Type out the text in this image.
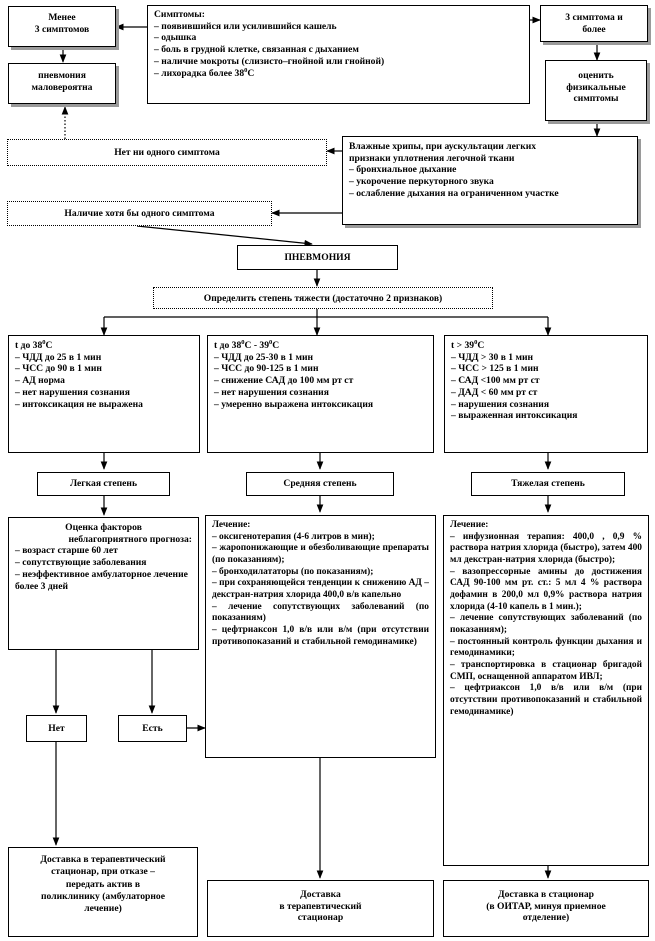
Менее
3 симптомов
Симптомы:
– появившийся или усилившийся кашель
– одышка
– боль в грудной клетке, связанная с дыханием
– наличие мокроты (слизисто–гнойной или гнойной)
– лихорадка более $38^0С$
3 симптома и
более
пневмония
маловероятна
оценить
физикальные
симптомы
Нет ни одного симптома
Влажные хрипы, при аускультации легких
признаки уплотнения легочной ткани
– бронхиальное дыхание
– укорочение перкуторного звука
– ослабление дыхания на ограниченном участке
Наличие хотя бы одного симптома
ПНЕВМОНИЯ
Определить степень тяжести (достаточно 2 признаков)
t до $38^0С$
– ЧДД до 25 в 1 мин
– ЧСС до 90 в 1 мин
– АД норма
– нет нарушения сознания
– интоксикация не выражена
t до $38^0С - 39^0С$
– ЧДД до 25-30 в 1 мин
– ЧСС до 90-125 в 1 мин
– снижение САД до 100 мм рт ст
– нет нарушения сознания
– умеренно выражена интоксикация
$t > 39^0С$
– ЧДД > 30 в 1 мин
– ЧСС > 125 в 1 мин
– САД <100 мм рт ст
– ДАД < 60 мм рт ст
– нарушения сознания
– выраженная интоксикация
Легкая степень	Средняя степень	Тяжелая степень
Оценка факторов
неблагоприятного прогноза:
– возраст старше 60 лет
– сопутствующие заболевания
– неэффективное амбулаторное лечение более 3 дней
Лечение:
– оксигенотерапия (4-6 литров в мин);
– жаропонижающие и обезболивающие препараты (по показаниям);
– бронходилататоры (по показаниям);
– при сохраняющейся тенденции к снижению АД – декстран-натрия хлорида 400,0 в/в капельно
– лечение сопутствующих заболеваний (по показаниям)
– цефтриаксон 1,0 в/в или в/м (при отсутствии противопоказаний и стабильной гемодинамике)
Лечение:
– инфузионная терапия: 400,0 , 0,9 % раствора натрия хлорида (быстро), затем 400 мл декстран-натрия хлорида (быстро);
– вазопрессорные амины до достижения САД 90-100 мм рт. ст.: 5 мл 4 % раствора дофамин в 200,0 мл 0,9% раствора натрия хлорида (4-10 капель в 1 мин.);
– лечение сопутствующих заболеваний (по показаниям);
– постоянный контроль функции дыхания и гемодинамики;
– транспортировка в стационар бригадой СМП, оснащенной аппаратом ИВЛ;
– цефтриаксон 1,0 в/в или в/м (при отсутствии противопоказаний и стабильной гемодинамике)
Нет	Есть
Доставка в терапевтический
стационар, при отказе –
передать актив в
поликлинику (амбулаторное
лечение)
Доставка
в терапевтический
стационар
Доставка в стационар
(в ОИТАР, минуя приемное
отделение)
